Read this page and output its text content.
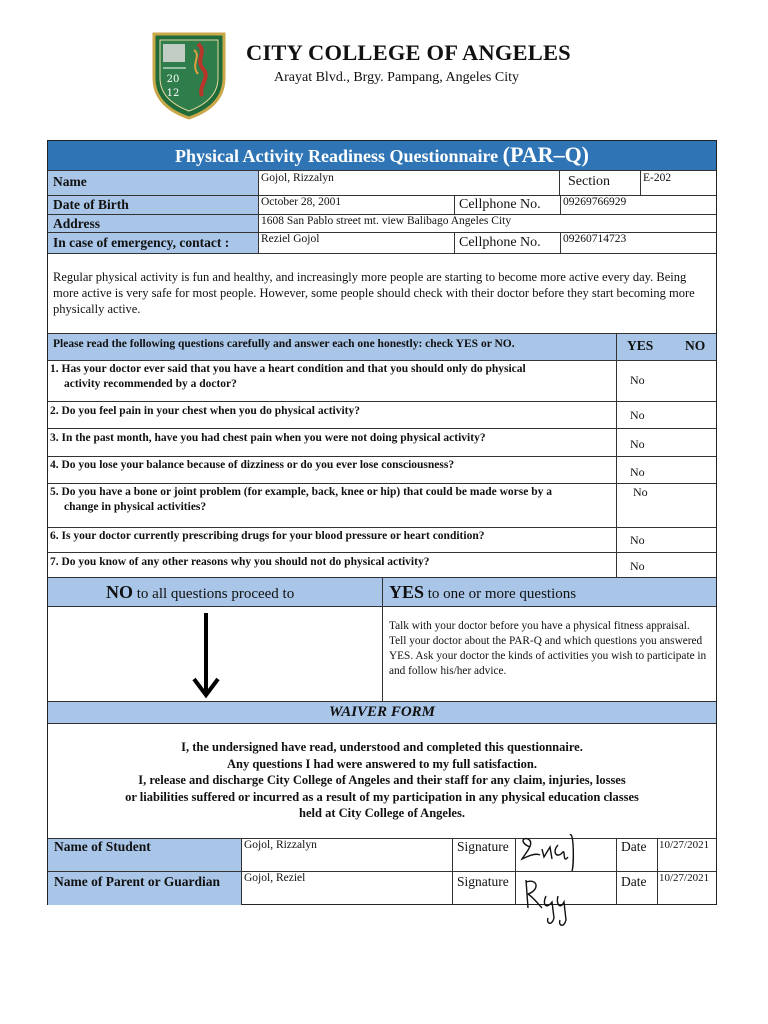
20
12
CITY COLLEGE OF ANGELES
Arayat Blvd., Brgy. Pampang, Angeles City
Physical Activity Readiness Questionnaire (PAR–Q)
Name	Gojol, Rizzalyn	Section	E-202
Date of Birth	October 28, 2001	Cellphone No.	09269766929
Address	1608 San Pablo street mt. view Balibago Angeles City
In case of emergency, contact :	Reziel Gojol	Cellphone No.	09260714723
Regular physical activity is fun and healthy, and increasingly more people are starting to become more active every day. Being more active is very safe for most people. However, some people should check with their doctor before they start becoming more physically active.
Please read the following questions carefully and answer each one honestly: check YES or NO.	YES NO
1. Has your doctor ever said that you have a heart condition and that you should only do physical
activity recommended by a doctor?	No
2. Do you feel pain in your chest when you do physical activity?	No
3. In the past month, have you had chest pain when you were not doing physical activity?	No
4. Do you lose your balance because of dizziness or do you ever lose consciousness?	No
5. Do you have a bone or joint problem (for example, back, knee or hip) that could be made worse by a
change in physical activities?
No
6. Is your doctor currently prescribing drugs for your blood pressure or heart condition?	No
7. Do you know of any other reasons why you should not do physical activity?	No
NO to all questions proceed to	YES to one or more questions
Talk with your doctor before you have a physical fitness appraisal. Tell your doctor about the PAR-Q and which questions you answered YES. Ask your doctor the kinds of activities you wish to participate in and follow his/her advice.
WAIVER FORM
I, the undersigned have read, understood and completed this questionnaire.
Any questions I had were answered to my full satisfaction.
I, release and discharge City College of Angeles and their staff for any claim, injuries, losses
or liabilities suffered or incurred as a result of my participation in any physical education classes
held at City College of Angeles.
Name of Student	Gojol, Rizzalyn	Signature	Date	10/27/2021
Name of Parent or Guardian	Gojol, Reziel	Signature	Date	10/27/2021
